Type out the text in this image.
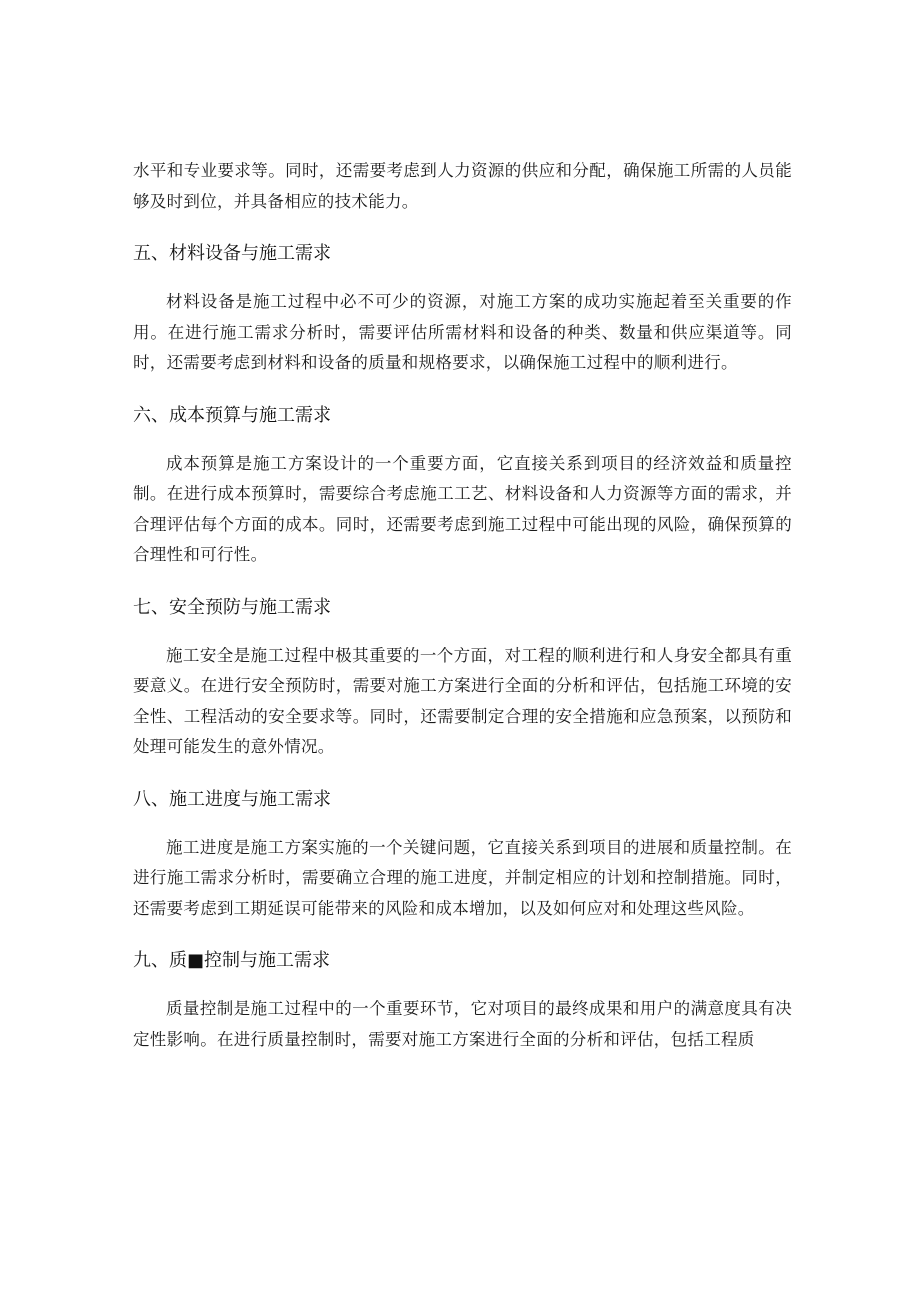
水平和专业要求等。同时，还需要考虑到人力资源的供应和分配，确保施工所需的人员能够及时到位，并具备相应的技术能力。

五、材料设备与施工需求

材料设备是施工过程中必不可少的资源，对施工方案的成功实施起着至关重要的作用。在进行施工需求分析时，需要评估所需材料和设备的种类、数量和供应渠道等。同时，还需要考虑到材料和设备的质量和规格要求，以确保施工过程中的顺利进行。

六、成本预算与施工需求

成本预算是施工方案设计的一个重要方面，它直接关系到项目的经济效益和质量控制。在进行成本预算时，需要综合考虑施工工艺、材料设备和人力资源等方面的需求，并合理评估每个方面的成本。同时，还需要考虑到施工过程中可能出现的风险，确保预算的合理性和可行性。

七、安全预防与施工需求

施工安全是施工过程中极其重要的一个方面，对工程的顺利进行和人身安全都具有重要意义。在进行安全预防时，需要对施工方案进行全面的分析和评估，包括施工环境的安全性、工程活动的安全要求等。同时，还需要制定合理的安全措施和应急预案，以预防和处理可能发生的意外情况。

八、施工进度与施工需求

施工进度是施工方案实施的一个关键问题，它直接关系到项目的进展和质量控制。在进行施工需求分析时，需要确立合理的施工进度，并制定相应的计划和控制措施。同时，还需要考虑到工期延误可能带来的风险和成本增加，以及如何应对和处理这些风险。

九、质■控制与施工需求

质量控制是施工过程中的一个重要环节，它对项目的最终成果和用户的满意度具有决定性影响。在进行质量控制时，需要对施工方案进行全面的分析和评估，包括工程质
